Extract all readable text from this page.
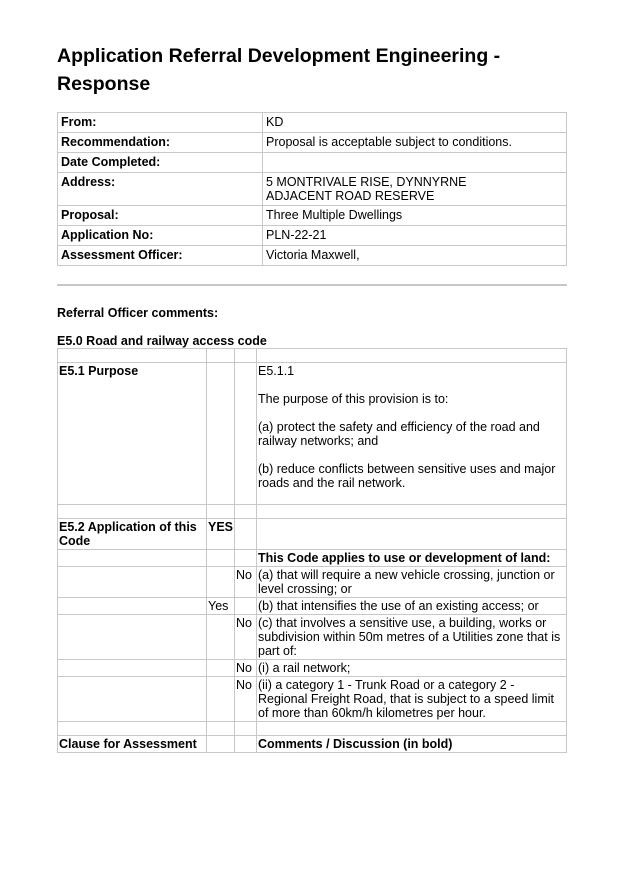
Application Referral Development Engineering - Response
From:	KD
Recommendation:	Proposal is acceptable subject to conditions.
Date Completed:	
Address:	5 MONTRIVALE RISE, DYNNYRNE
ADJACENT ROAD RESERVE

Proposal:	Three Multiple Dwellings
Application No:	PLN-22-21
Assessment Officer:	Victoria Maxwell,

Referral Officer comments:

E5.0 Road and railway access code

E5.1 Purpose			E5.1.1

The purpose of this provision is to:

(a) protect the safety and efficiency of the road and railway networks; and

(b) reduce conflicts between sensitive uses and major roads and the rail network.

E5.2 Application of this Code	YES		
			This Code applies to use or development of land:
		No	(a) that will require a new vehicle crossing, junction or level crossing; or
	Yes		(b) that intensifies the use of an existing access; or
		No	(c) that involves a sensitive use, a building, works or subdivision within 50m metres of a Utilities zone that is part of:
		No	(i) a rail network;
		No	(ii) a category 1 - Trunk Road or a category 2 - Regional Freight Road, that is subject to a speed limit of more than 60km/h kilometres per hour.

Clause for Assessment			Comments / Discussion (in bold)
